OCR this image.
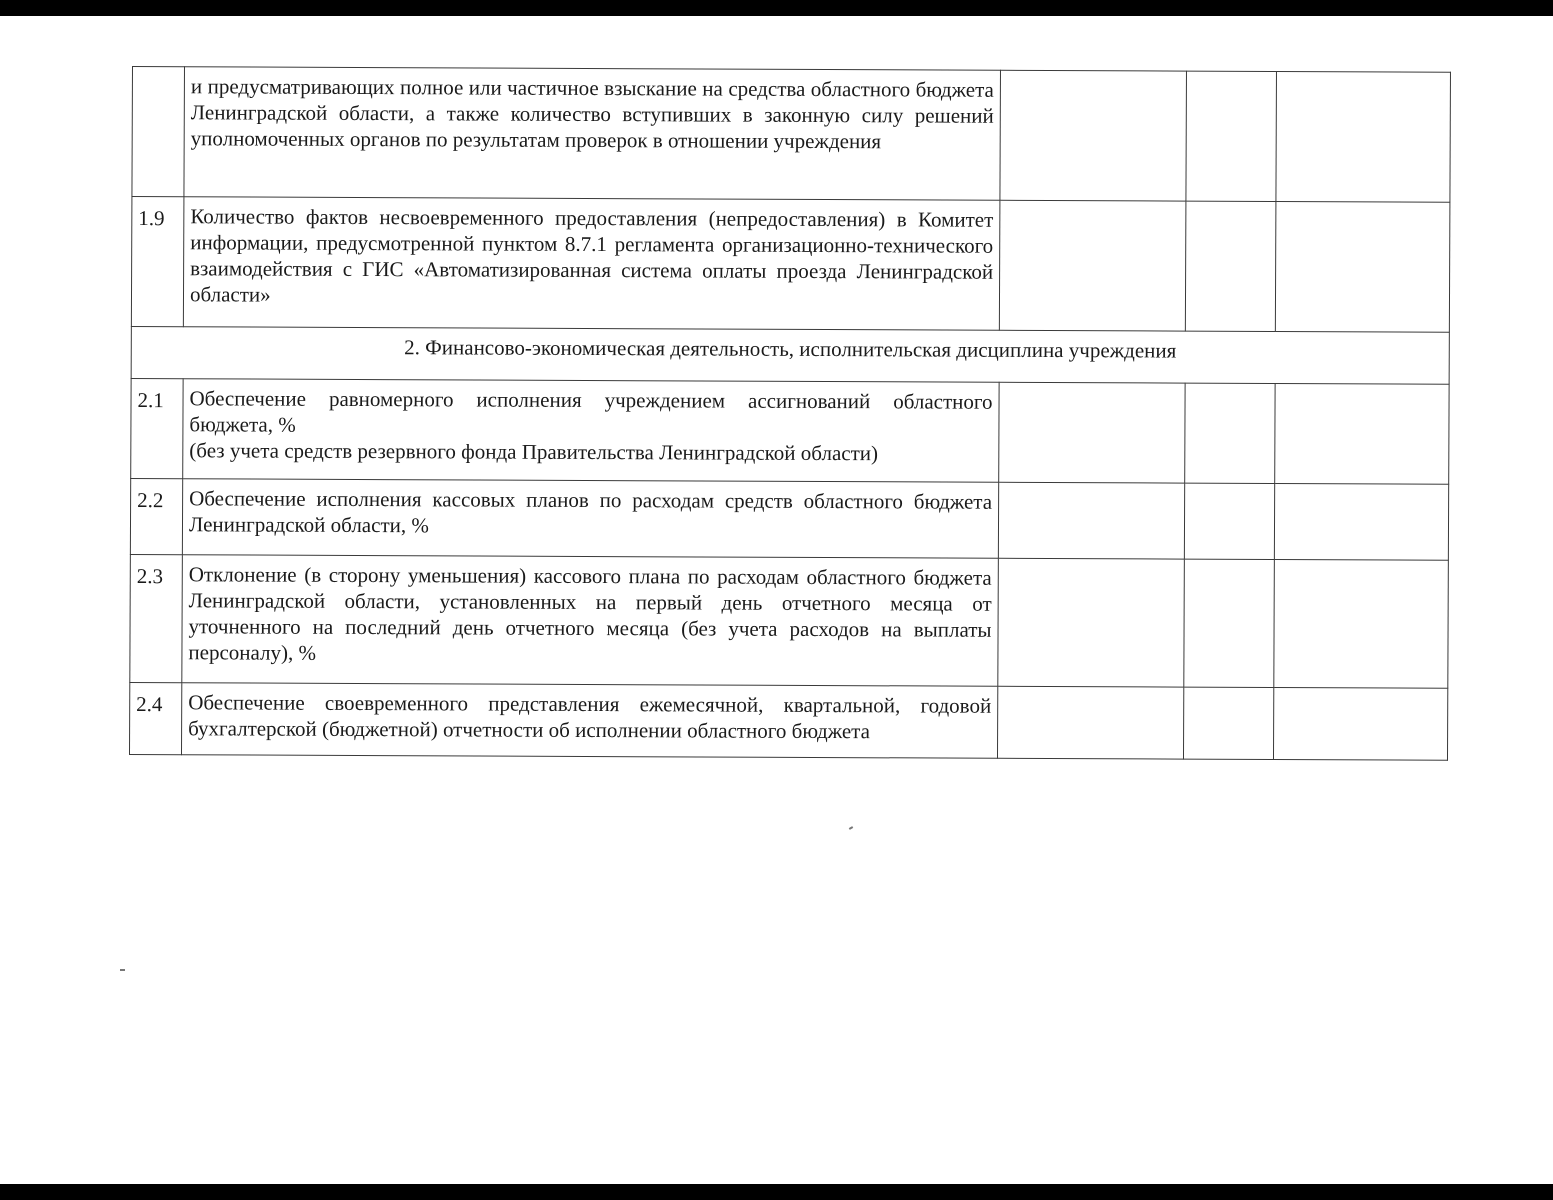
	и предусматривающих полное или частичное взыскание на средства областного бюджета Ленинградской области, а также количество вступивших в законную силу решений уполномоченных органов по результатам проверок в отношении учреждения			
1.9	Количество фактов несвоевременного предоставления (непредоставления) в Комитет информации, предусмотренной пунктом 8.7.1 регламента организационно-технического взаимодействия с ГИС «Автоматизированная система оплаты проезда Ленинградской области»			
2. Финансово-экономическая деятельность, исполнительская дисциплина учреждения				
2.1	Обеспечение равномерного исполнения учреждением ассигнований областного бюджета, %
(без учета средств резервного фонда Правительства Ленинградской области)			

2.2	Обеспечение исполнения кассовых планов по расходам средств областного бюджета Ленинградской области, %			
2.3	Отклонение (в сторону уменьшения) кассового плана по расходам областного бюджета Ленинградской области, установленных на первый день отчетного месяца от уточненного на последний день отчетного месяца (без учета расходов на выплаты персоналу), %			
2.4	Обеспечение своевременного представления ежемесячной, квартальной, годовой бухгалтерской (бюджетной) отчетности об исполнении областного бюджета			
